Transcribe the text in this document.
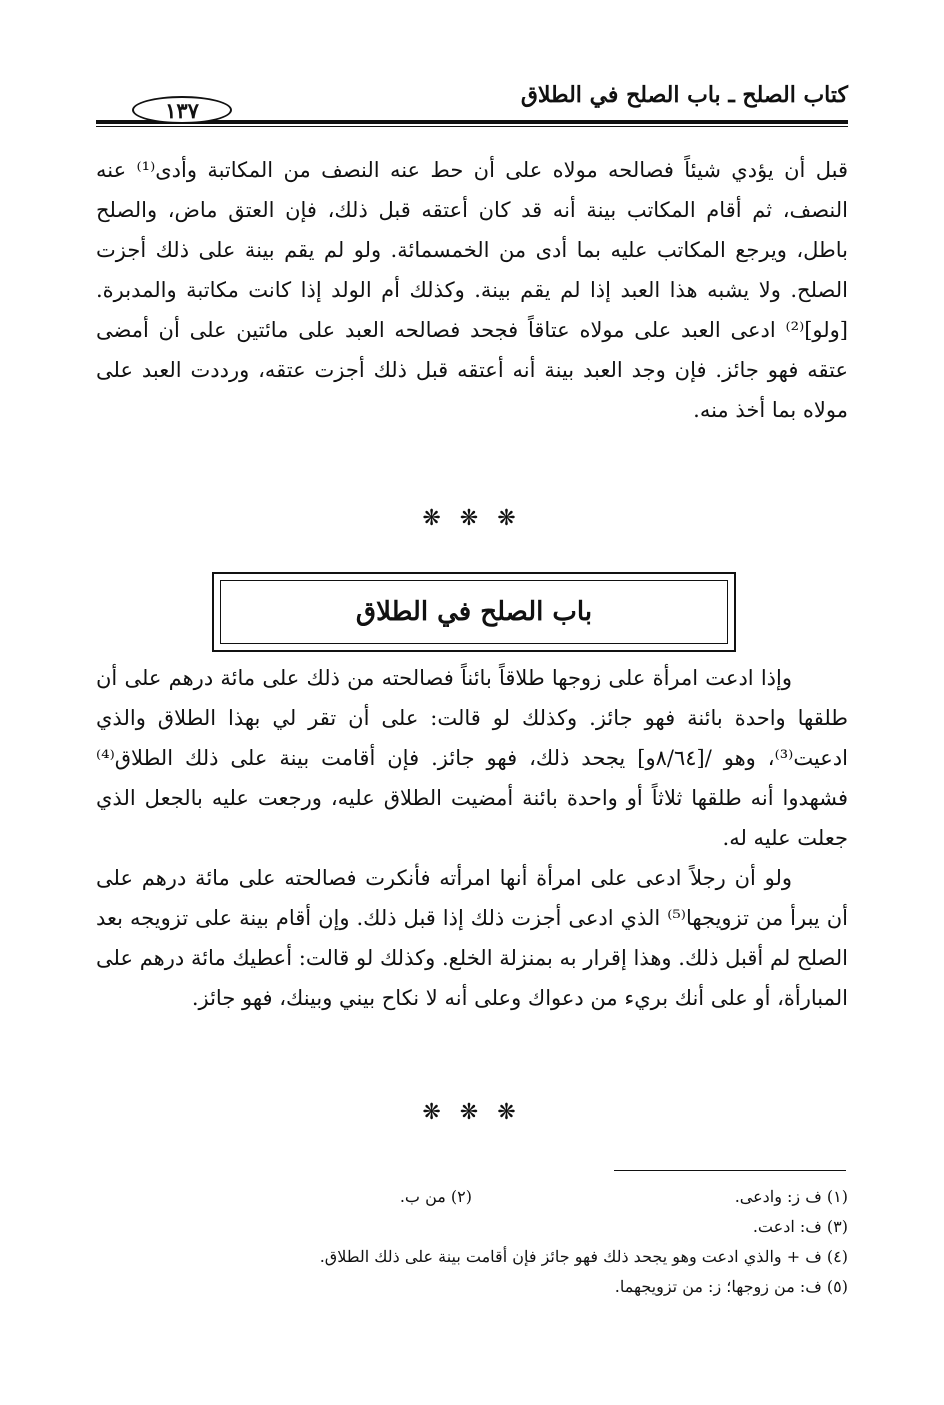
كتاب الصلح ـ باب الصلح في الطلاق
١٣٧

قبل أن يؤدي شيئاً فصالحه مولاه على أن حط عنه النصف من المكاتبة وأدى⁽¹⁾ عنه النصف، ثم أقام المكاتب بينة أنه قد كان أعتقه قبل ذلك، فإن العتق ماض، والصلح باطل، ويرجع المكاتب عليه بما أدى من الخمسمائة. ولو لم يقم بينة على ذلك أجزت الصلح. ولا يشبه هذا العبد إذا لم يقم بينة. وكذلك أم الولد إذا كانت مكاتبة والمدبرة. [ولو]⁽²⁾ ادعى العبد على مولاه عتاقاً فجحد فصالحه العبد على مائتين على أن أمضى عتقه فهو جائز. فإن وجد العبد بينة أنه أعتقه قبل ذلك أجزت عتقه، ورددت العبد على مولاه بما أخذ منه.

❋ ❋ ❋
باب الصلح في الطلاق

وإذا ادعت امرأة على زوجها طلاقاً بائناً فصالحته من ذلك على مائة درهم على أن طلقها واحدة بائنة فهو جائز. وكذلك لو قالت: على أن تقر لي بهذا الطلاق والذي ادعيت⁽³⁾، وهو /[٨/٦٤و] يجحد ذلك، فهو جائز. فإن أقامت بينة على ذلك الطلاق⁽⁴⁾ فشهدوا أنه طلقها ثلاثاً أو واحدة بائنة أمضيت الطلاق عليه، ورجعت عليه بالجعل الذي جعلت عليه له.

ولو أن رجلاً ادعى على امرأة أنها امرأته فأنكرت فصالحته على مائة درهم على أن يبرأ من تزويجها⁽⁵⁾ الذي ادعى أجزت ذلك إذا قبل ذلك. وإن أقام بينة على تزويجه بعد الصلح لم أقبل ذلك. وهذا إقرار به بمنزلة الخلع. وكذلك لو قالت: أعطيك مائة درهم على المبارأة، أو على أنك بريء من دعواك وعلى أنه لا نكاح بيني وبينك، فهو جائز.

❋ ❋ ❋
(١) ف ز: وادعى.
(٢) من ب.
(٣) ف: ادعت.
(٤) ف + والذي ادعت وهو يجحد ذلك فهو جائز فإن أقامت بينة على ذلك الطلاق.
(٥) ف: من زوجها؛ ز: من تزويجهما.
